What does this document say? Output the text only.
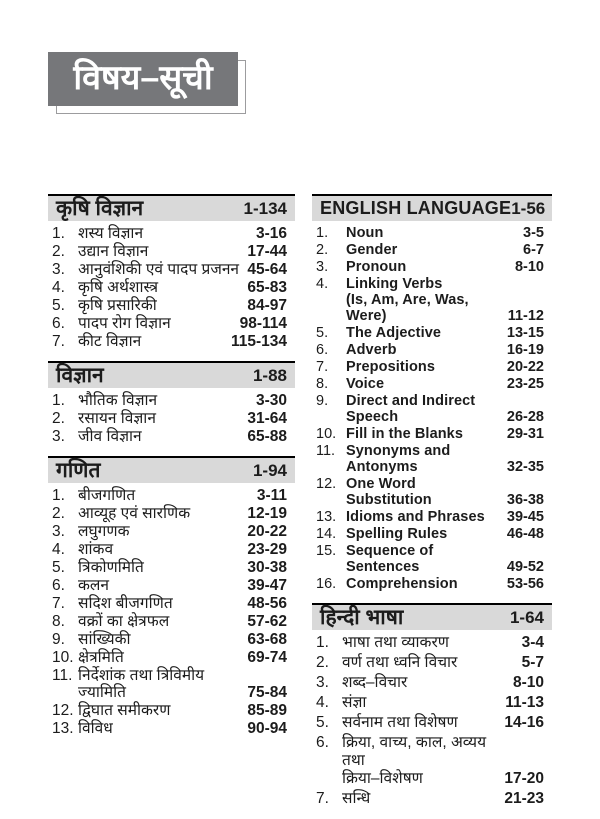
विषय–सूची
कृषि विज्ञान	1-134
1. शस्य विज्ञान	3-16
2. उद्यान विज्ञान	17-44
3. आनुवंशिकी एवं पादप प्रजनन 45-64
4. कृषि अर्थशास्त्र	65-83
5. कृषि प्रसारिकी	84-97
6. पादप रोग विज्ञान	98-114
7. कीट विज्ञान	115-134
विज्ञान	1-88
1. भौतिक विज्ञान	3-30
2. रसायन विज्ञान	31-64
3. जीव विज्ञान	65-88
गणित	1-94
1. बीजगणित	3-11
2. आव्यूह एवं सारणिक	12-19
3. लघुगणक	20-22
4. शांकव	23-29
5. त्रिकोणमिति	30-38
6. कलन	39-47
7. सदिश बीजगणित	48-56
8. वक्रों का क्षेत्रफल	57-62
9. सांख्यिकी	63-68
10. क्षेत्रमिति	69-74
11. निर्देशांक तथा त्रिविमीय ज्यामिति	75-84
12. द्विघात समीकरण	85-89
13. विविध	90-94
ENGLISH LANGUAGE 1-56
1.	Noun	3-5
2.	Gender	6-7
3.	Pronoun	8-10
4.	Linking Verbs
(Is, Am, Are, Was, Were)	11-12
5.	The Adjective	13-15
6.	Adverb	16-19
7.	Prepositions	20-22
8.	Voice	23-25
9.	Direct and Indirect Speech	26-28
10. Fill in the Blanks	29-31
11. Synonyms and Antonyms	32-35
12. One Word Substitution	36-38
13. Idioms and Phrases	39-45
14. Spelling Rules	46-48
15. Sequence of Sentences	49-52
16. Comprehension	53-56
हिन्दी भाषा	1-64
1. भाषा तथा व्याकरण	3-4
2. वर्ण तथा ध्वनि विचार	5-7
3. शब्द–विचार	8-10
4. संज्ञा	11-13
5. सर्वनाम तथा विशेषण	14-16
6. क्रिया, वाच्य, काल, अव्यय तथा
क्रिया–विशेषण	17-20
7. सन्धि	21-23
